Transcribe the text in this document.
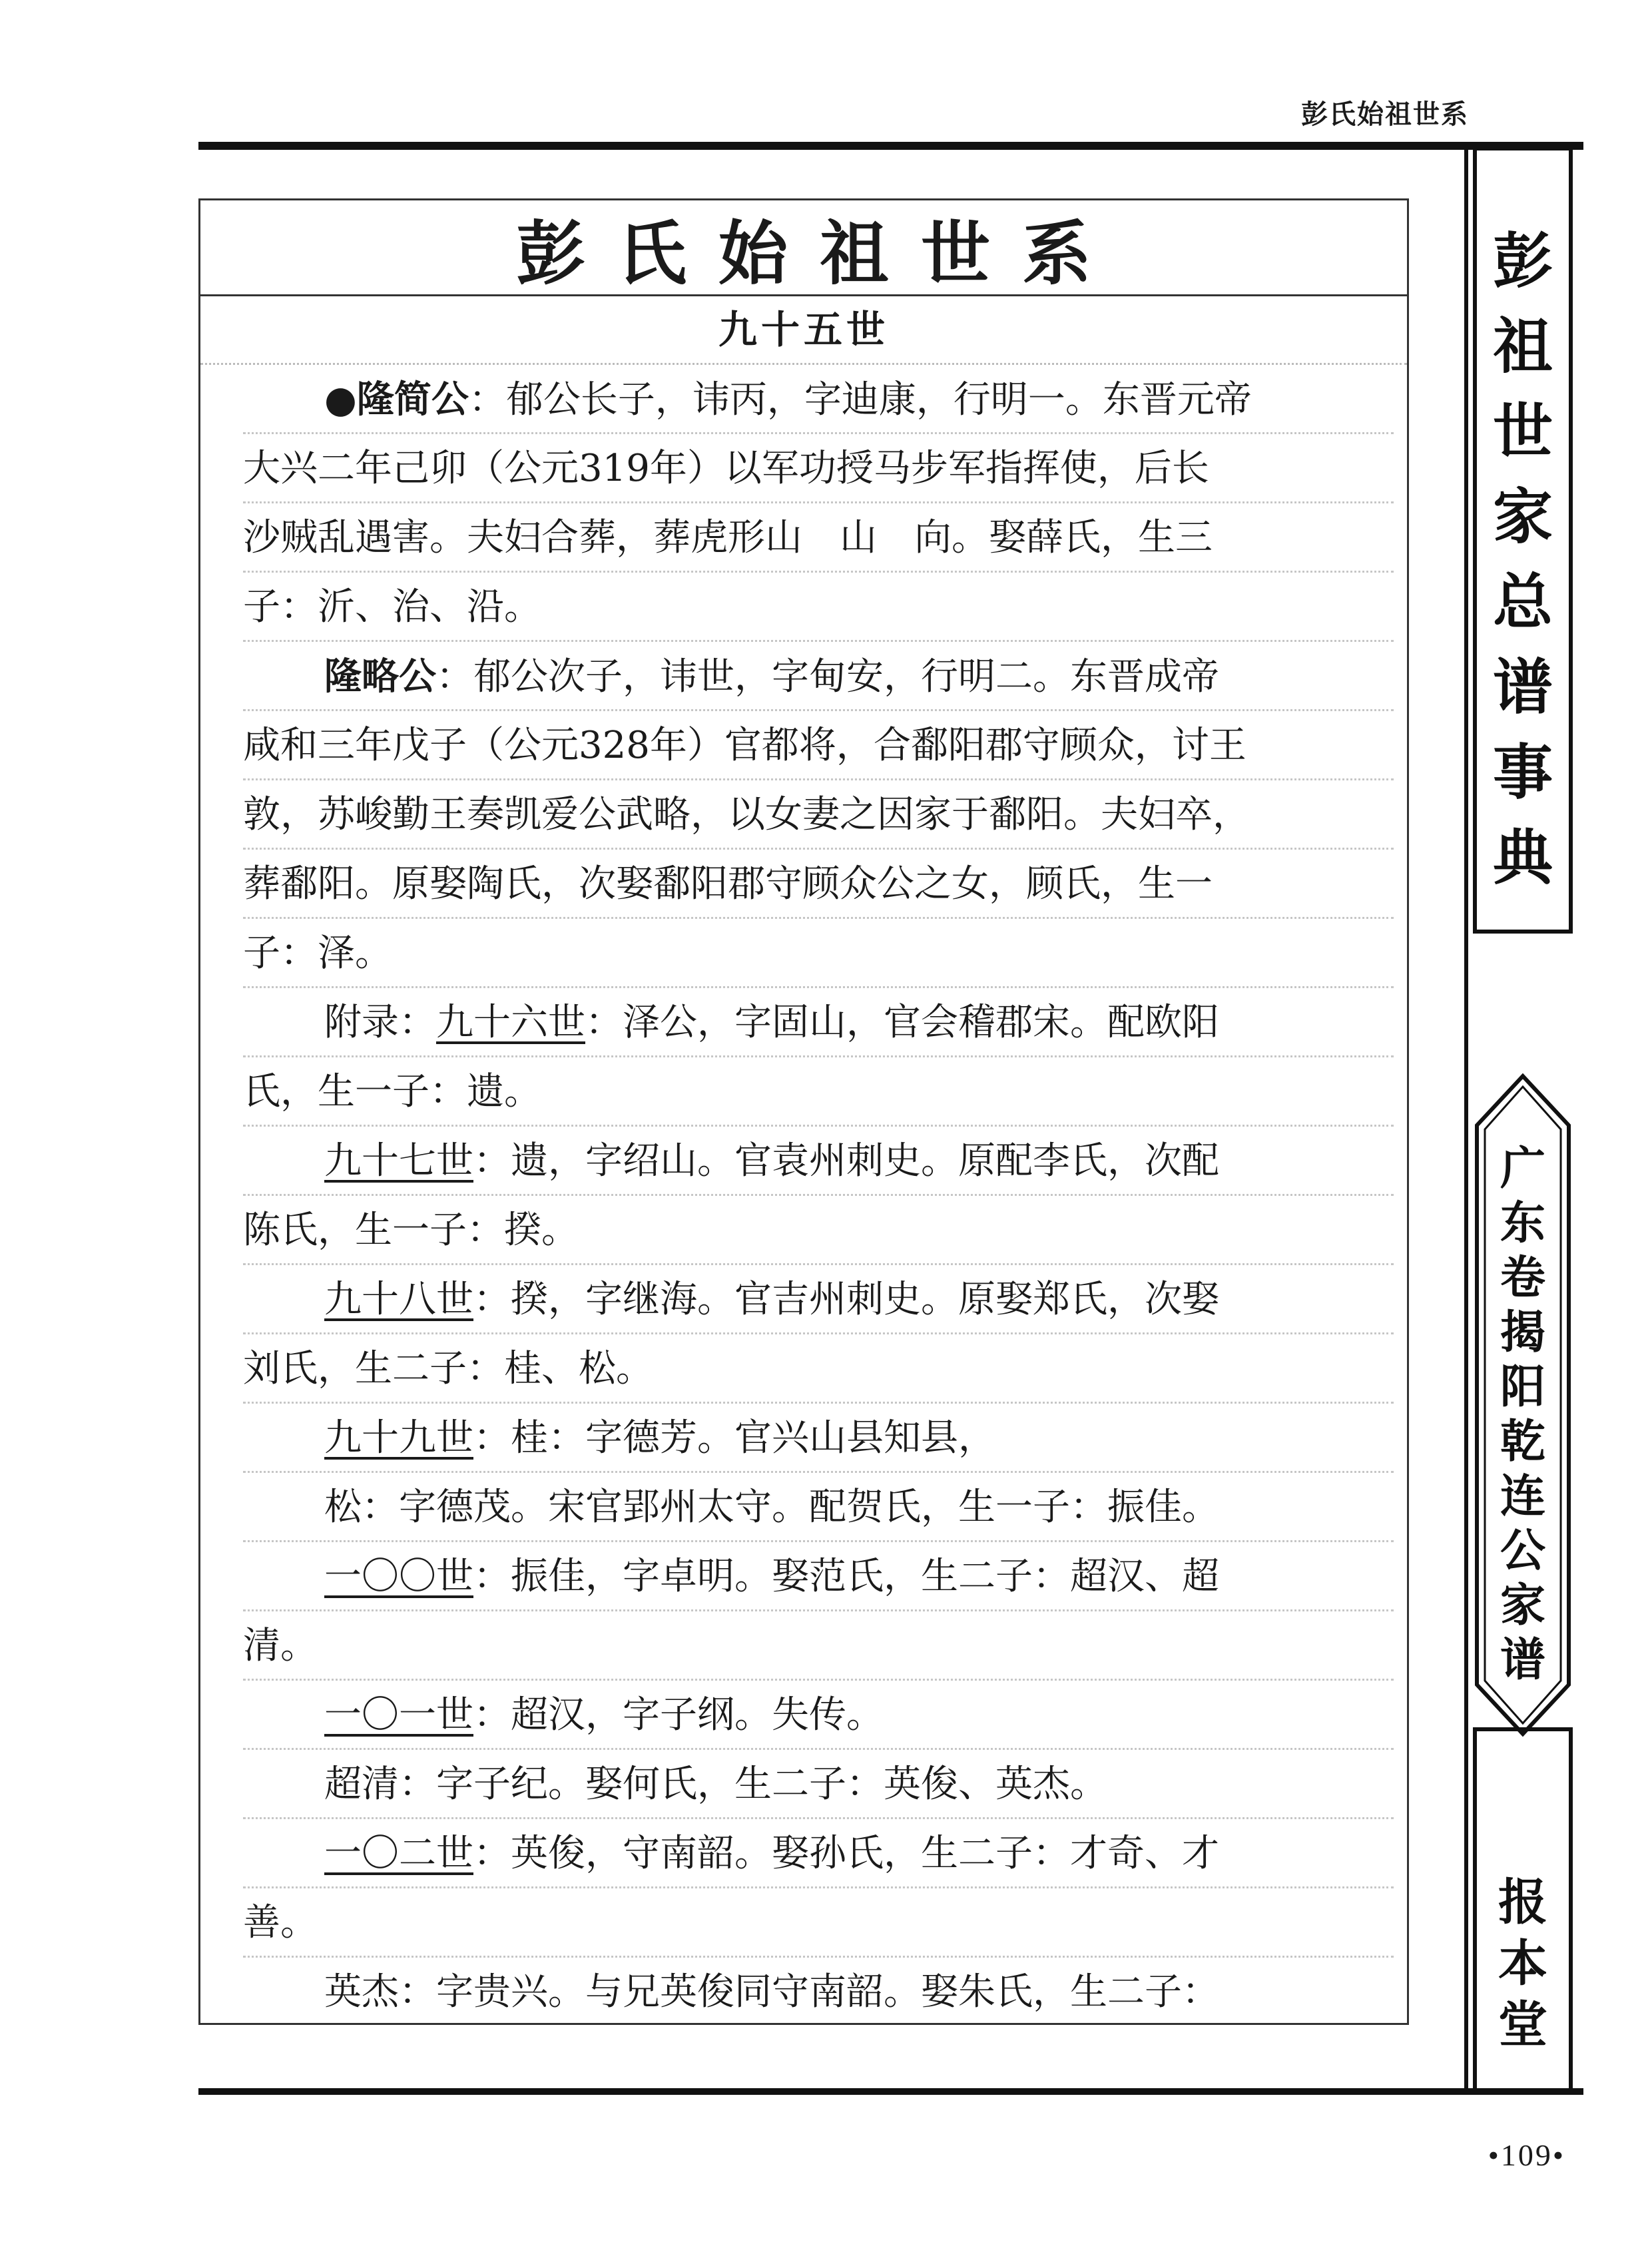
彭氏始祖世系
彭氏始祖世系
九十五世
●隆简公：郁公长子，讳丙，字迪康，行明一。东晋元帝
大兴二年己卯（公元319年）以军功授马步军指挥使，后长
沙贼乱遇害。夫妇合葬，葬虎形山　山　向。娶薛氏，生三
子：沂、治、沿。
隆略公：郁公次子，讳世，字甸安，行明二。东晋成帝
咸和三年戊子（公元328年）官都将，合鄱阳郡守顾众，讨王
敦，苏峻勤王奏凯爱公武略，以女妻之因家于鄱阳。夫妇卒，
葬鄱阳。原娶陶氏，次娶鄱阳郡守顾众公之女，顾氏，生一
子：泽。
附录：九十六世：泽公，字固山，官会稽郡宋。配欧阳
氏，生一子：遗。
九十七世：遗，字绍山。官袁州刺史。原配李氏，次配
陈氏，生一子：揆。
九十八世：揆，字继海。官吉州刺史。原娶郑氏，次娶
刘氏，生二子：桂、松。
九十九世：桂：字德芳。官兴山县知县，
松：字德茂。宋官郢州太守。配贺氏，生一子：振佳。
一〇〇世：振佳，字卓明。娶范氏，生二子：超汉、超
清。
一〇一世：超汉，字子纲。失传。
超清：字子纪。娶何氏，生二子：英俊、英杰。
一〇二世：英俊，守南韶。娶孙氏，生二子：才奇、才
善。
英杰：字贵兴。与兄英俊同守南韶。娶朱氏，生二子：
彭
祖
世
家
总
谱
事
典
广
东
卷
揭
阳
乾
连
公
家
谱
报
本
堂
•109•
